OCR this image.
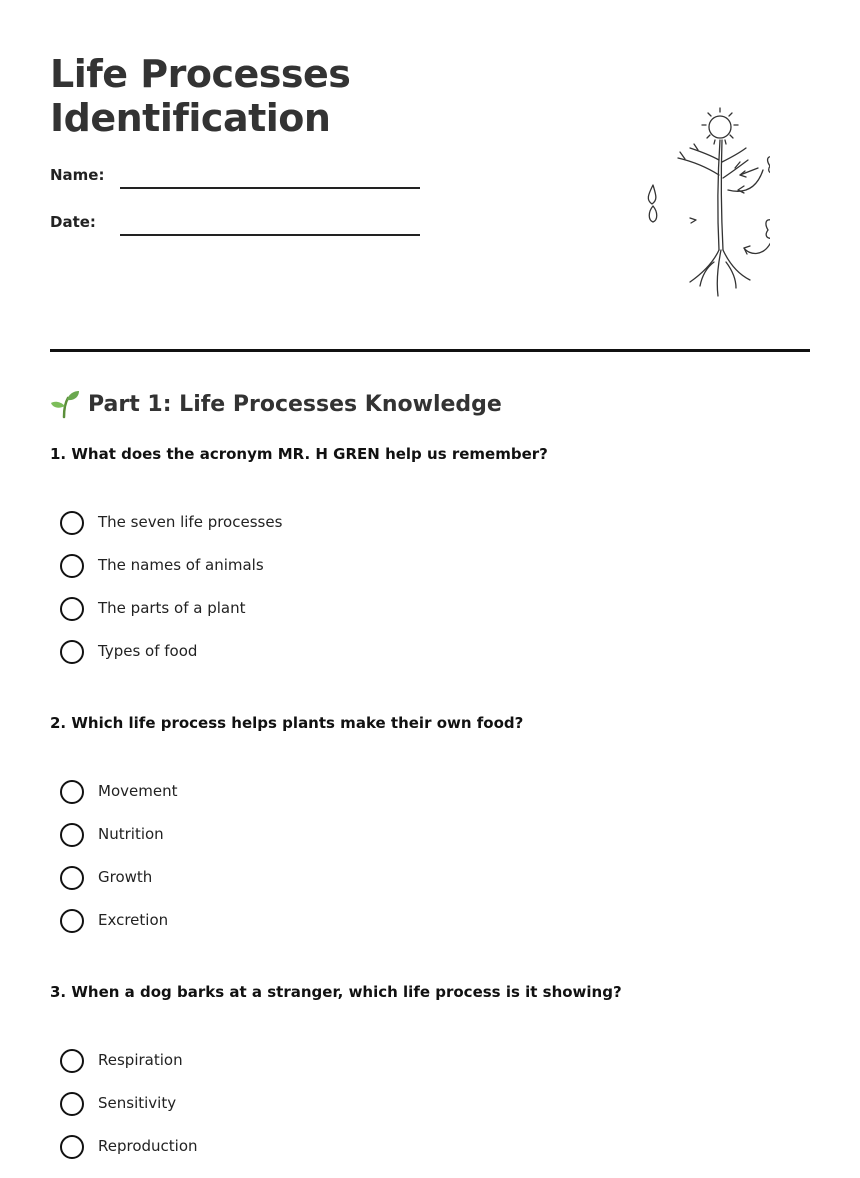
Life Processes
Identification
Name:
Date:
Part 1: Life Processes Knowledge
1. What does the acronym MR. H GREN help us remember?
The seven life processes
The names of animals
The parts of a plant
Types of food
2. Which life process helps plants make their own food?
Movement
Nutrition
Growth
Excretion
3. When a dog barks at a stranger, which life process is it showing?
Respiration
Sensitivity
Reproduction
